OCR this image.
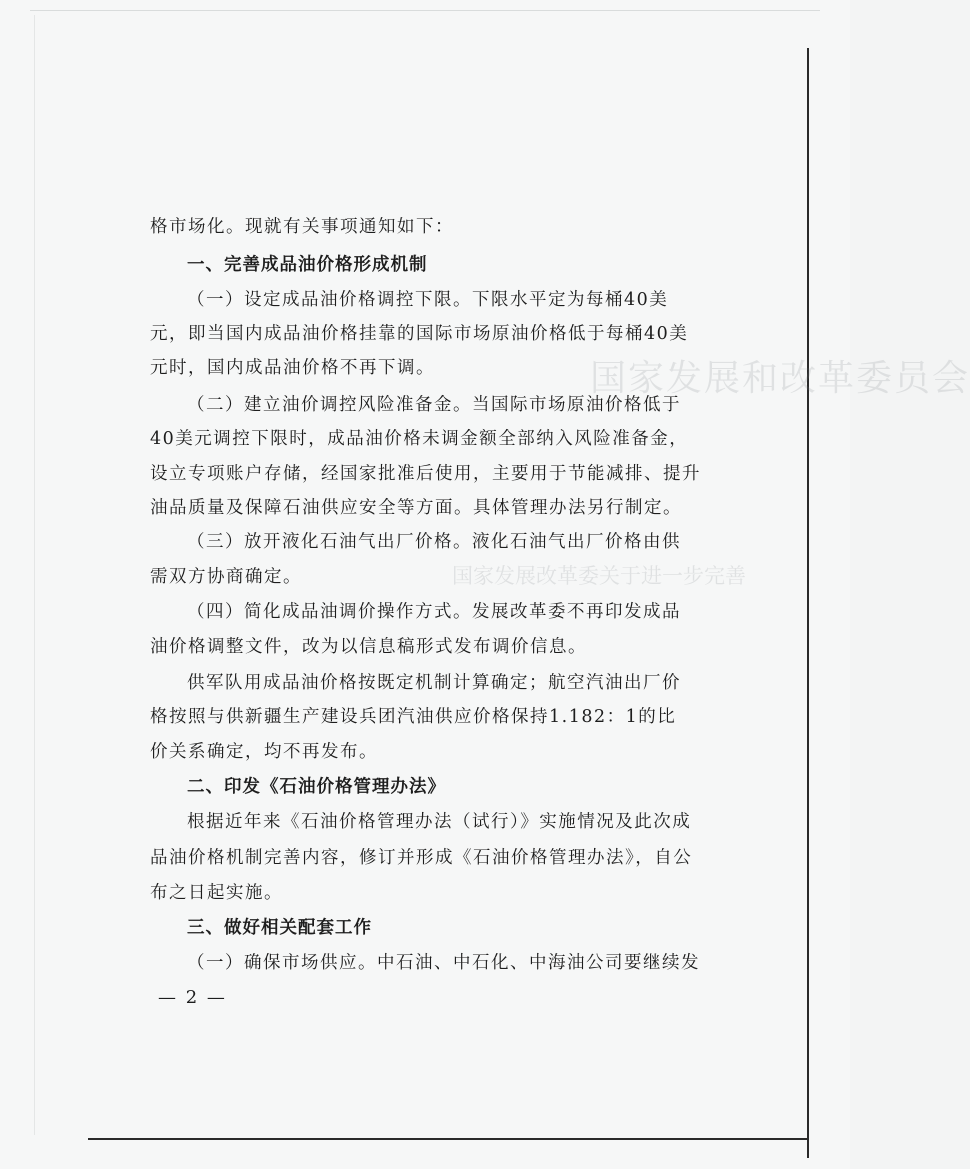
国家发展和改革委员会
国家发展改革委关于进一步完善
格市场化。现就有关事项通知如下：
一、完善成品油价格形成机制
（一）设定成品油价格调控下限。下限水平定为每桶40美
元，即当国内成品油价格挂靠的国际市场原油价格低于每桶40美
元时，国内成品油价格不再下调。
（二）建立油价调控风险准备金。当国际市场原油价格低于
40美元调控下限时，成品油价格未调金额全部纳入风险准备金，
设立专项账户存储，经国家批准后使用，主要用于节能减排、提升
油品质量及保障石油供应安全等方面。具体管理办法另行制定。
（三）放开液化石油气出厂价格。液化石油气出厂价格由供
需双方协商确定。
（四）简化成品油调价操作方式。发展改革委不再印发成品
油价格调整文件，改为以信息稿形式发布调价信息。
供军队用成品油价格按既定机制计算确定；航空汽油出厂价
格按照与供新疆生产建设兵团汽油供应价格保持1.182：1的比
价关系确定，均不再发布。
二、印发《石油价格管理办法》
根据近年来《石油价格管理办法（试行）》实施情况及此次成
品油价格机制完善内容，修订并形成《石油价格管理办法》，自公
布之日起实施。
三、做好相关配套工作
（一）确保市场供应。中石油、中石化、中海油公司要继续发
— 2 —
